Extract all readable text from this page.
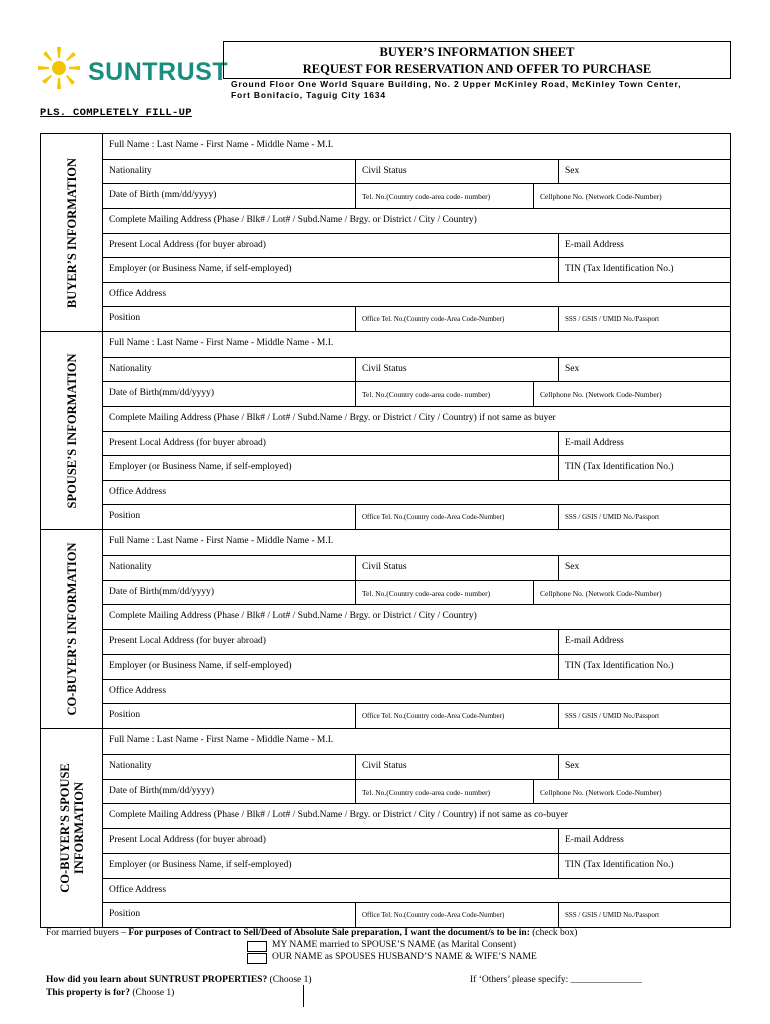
SUNTRUST
BUYER’S INFORMATION SHEET
REQUEST FOR RESERVATION AND OFFER TO PURCHASE
Ground Floor One World Square Building, No. 2 Upper McKinley Road, McKinley Town Center,
Fort Bonifacio, Taguig City 1634
PLS. COMPLETELY FILL-UP
BUYER’S INFORMATION
Full Name : Last Name - First Name - Middle Name - M.I.
Nationality	Civil Status	Sex
Date of Birth (mm/dd/yyyy)	Tel. No.(Country code-area code- number)	Cellphone No. (Network Code-Number)
Complete Mailing Address (Phase / Blk# / Lot# / Subd.Name / Brgy. or District / City / Country)
Present Local Address (for buyer abroad)	E-mail Address
Employer (or Business Name, if self-employed)	TIN (Tax Identification No.)
Office Address
Position	Office Tel. No.(Country code-Area Code-Number)	SSS / GSIS / UMID No./Passport
SPOUSE’S INFORMATION
Full Name : Last Name - First Name - Middle Name - M.I.
Nationality	Civil Status	Sex
Date of Birth(mm/dd/yyyy)	Tel. No.(Country code-area code- number)	Cellphone No. (Network Code-Number)
Complete Mailing Address (Phase / Blk# / Lot# / Subd.Name / Brgy. or District / City / Country) if not same as buyer
Present Local Address (for buyer abroad)	E-mail Address
Employer (or Business Name, if self-employed)	TIN (Tax Identification No.)
Office Address
Position	Office Tel. No.(Country code-Area Code-Number)	SSS / GSIS / UMID No./Passport
CO-BUYER’S INFORMATION
Full Name : Last Name - First Name - Middle Name - M.I.
Nationality	Civil Status	Sex
Date of Birth(mm/dd/yyyy)	Tel. No.(Country code-area code- number)	Cellphone No. (Network Code-Number)
Complete Mailing Address (Phase / Blk# / Lot# / Subd.Name / Brgy. or District / City / Country)
Present Local Address (for buyer abroad)	E-mail Address
Employer (or Business Name, if self-employed)	TIN (Tax Identification No.)
Office Address
Position	Office Tel. No.(Country code-Area Code-Number)	SSS / GSIS / UMID No./Passport
CO-BUYER’S SPOUSE INFORMATION
Full Name : Last Name - First Name - Middle Name - M.I.
Nationality	Civil Status	Sex
Date of Birth(mm/dd/yyyy)	Tel. No.(Country code-area code- number)	Cellphone No. (Network Code-Number)
Complete Mailing Address (Phase / Blk# / Lot# / Subd.Name / Brgy. or District / City / Country) if not same as co-buyer
Present Local Address (for buyer abroad)	E-mail Address
Employer (or Business Name, if self-employed)	TIN (Tax Identification No.)
Office Address
Position	Office Tel. No.(Country code-Area Code-Number)	SSS / GSIS / UMID No./Passport
For married buyers – For purposes of Contract to Sell/Deed of Absolute Sale preparation, I want the document/s to be in: (check box)
MY NAME married to SPOUSE’S NAME (as Marital Consent)
OUR NAME as SPOUSES HUSBAND’S NAME & WIFE’S NAME
How did you learn about SUNTRUST PROPERTIES? (Choose 1)	If ‘Others’ please specify: _______________
This property is for? (Choose 1)
